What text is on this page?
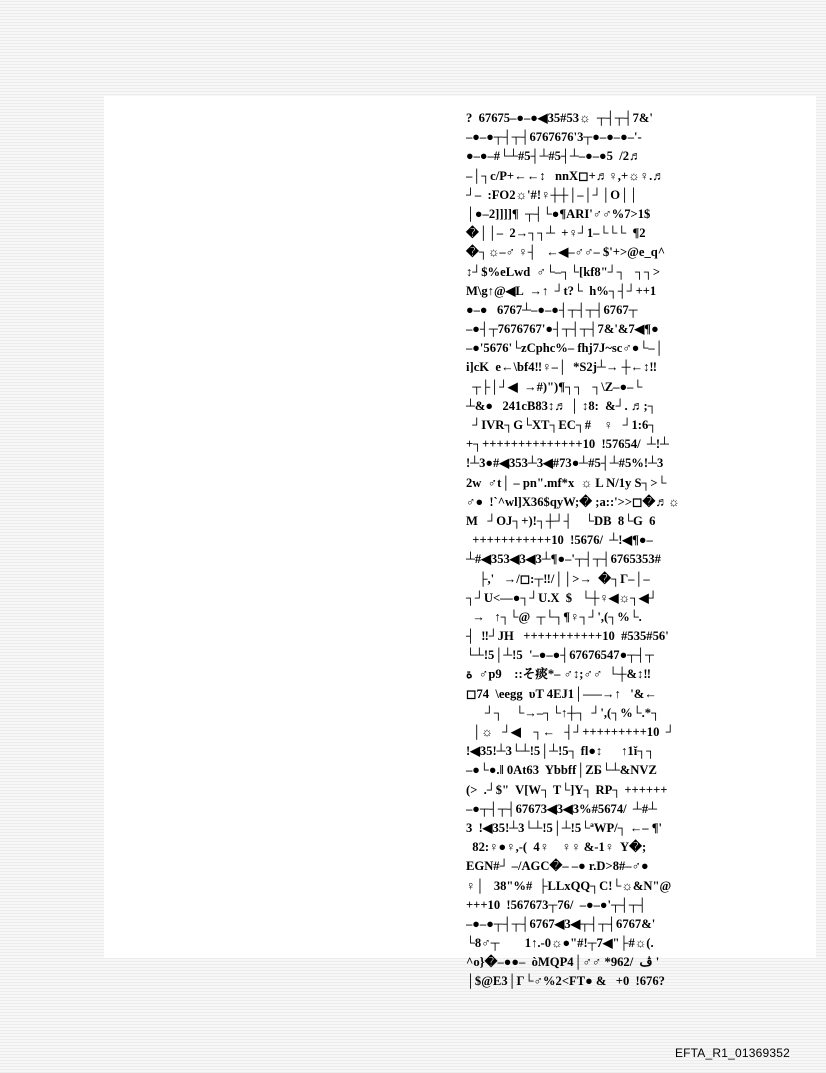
?  67675–●–●◀35#53☼  ┬┤┬┤7&'
–●–●┬┤┬┤6767676'3┬●–●–●–'-
●–●–#└┴#5┤┴#5┤┴–●–●5  /2♬
–│┐c/P+←←↕   nnX◻+♬♀,+☼♀.♬
┘–  :FO2☼'#!♀┼┼│–│┘│O││
│●–2]]]]¶  ┬┤└●¶ARI'♂♂%7>1$
�││–  2→┐┐┴  +♀┘1–└└└  ¶2
�┐☼–♂ ♀┤   ←◀–♂♂– $'+>@e_q^
↕┘$%eLwd  ♂└–┐└[kf8"┘┐   ┐┐>
M\g↑@◀L  →↑  ┘t?└  h%┐┤┘++1
●–●   6767┴–●–●┤┬┤┬┤6767┬
–●┤┬7676767'●┤┬┤┬┤7&'&7◀¶●
–●'5676'└zCphc%– fhj7J~sc♂●└–│
i]cK  e←\bf4‼♀–│  *S2j┴→ ┼←↕‼
┬├│┘◀  →#)")¶┐┐   ┐\Z–●–└
┴&●   241cB83↕♬ │ ↕8:  &┘. ♬;┐
┘IVR┐G└XT┐EC┐#    ♀   ┘1:6┐
+┐++++++++++++++10  !57654/  ┴!┴
!┴3●#◀353┴3◀#73●┴#5┤┴#5%!┴3
2w  ♂t│ – pn".mf*x  ☼ L N/1y S┐>└
♂●  !`^wl]X36$qyW;� ;a::'>>◻�♬☼
M   ┘OJ┐+)!┐┼┘┤    └DB  8└G  6
+++++++++++10  !5676/  ┴!◀¶●–
┴#◀353◀3◀3┴¶●–'┬┤┬┤6765353#
├,'   →/◻:┬‼/││>→  �┐Γ–│–
┐┘U<––●┐┘U.X  $   └┼♀◀☼┐◀┘
→   ↑┐└@  ┬└┐¶♀┐┘',(┐%└.
┤  ‼┘JH   +++++++++++10  #535#56'
└┴!5│┴!5  '–●–●┤67676547●┬┤┬
ة  ♂p9    ::そ痰*– ♂↕;♂♂  └┼&↕‼
◻74  \eegg  υT 4EJ1│–––→↑   '&←
┘┐    └→–┐└↑┼┐  ┘',(┐%└.*┐
│☼   ┘◀    ┐←   ┤┘+++++++++10  ┘
!◀35!┴3└┴!5│┴!5┐ fl●↕      ↑1ĭ┐┐
–●└●.‖ 0At63  Ybbff│ZБ└┴&NVZ
(>  .┘$"  V[W┐ T└]Y┐ RP┐ ++++++
–●┬┤┬┤67673◀3◀3%#5674/  ┴#┴
3  !◀35!┴3└┴!5│┴!5└ªWP/┐ ←– ¶'
82:♀●♀,-(  4♀    ♀♀ &-1♀  Y�;
EGN#┘ –/AGC�– –● r.D>8#–♂●
♀│   38"%#  ├LLxQQ┐C!└☼&N"@
+++10  !567673┬76/  –●–●'┬┤┬┤
–●–●┬┤┬┤6767◀3◀┬┤┬┤6767&'
└8♂┬        1↑.-0☼●"#!┬7◀"├#☼(.
^o}�–●●–  òMQP4│♂♂ *962/  ڤ '
│$@E3│Γ└♂%2<FT● &   +0  !676?
EFTA_R1_01369352
